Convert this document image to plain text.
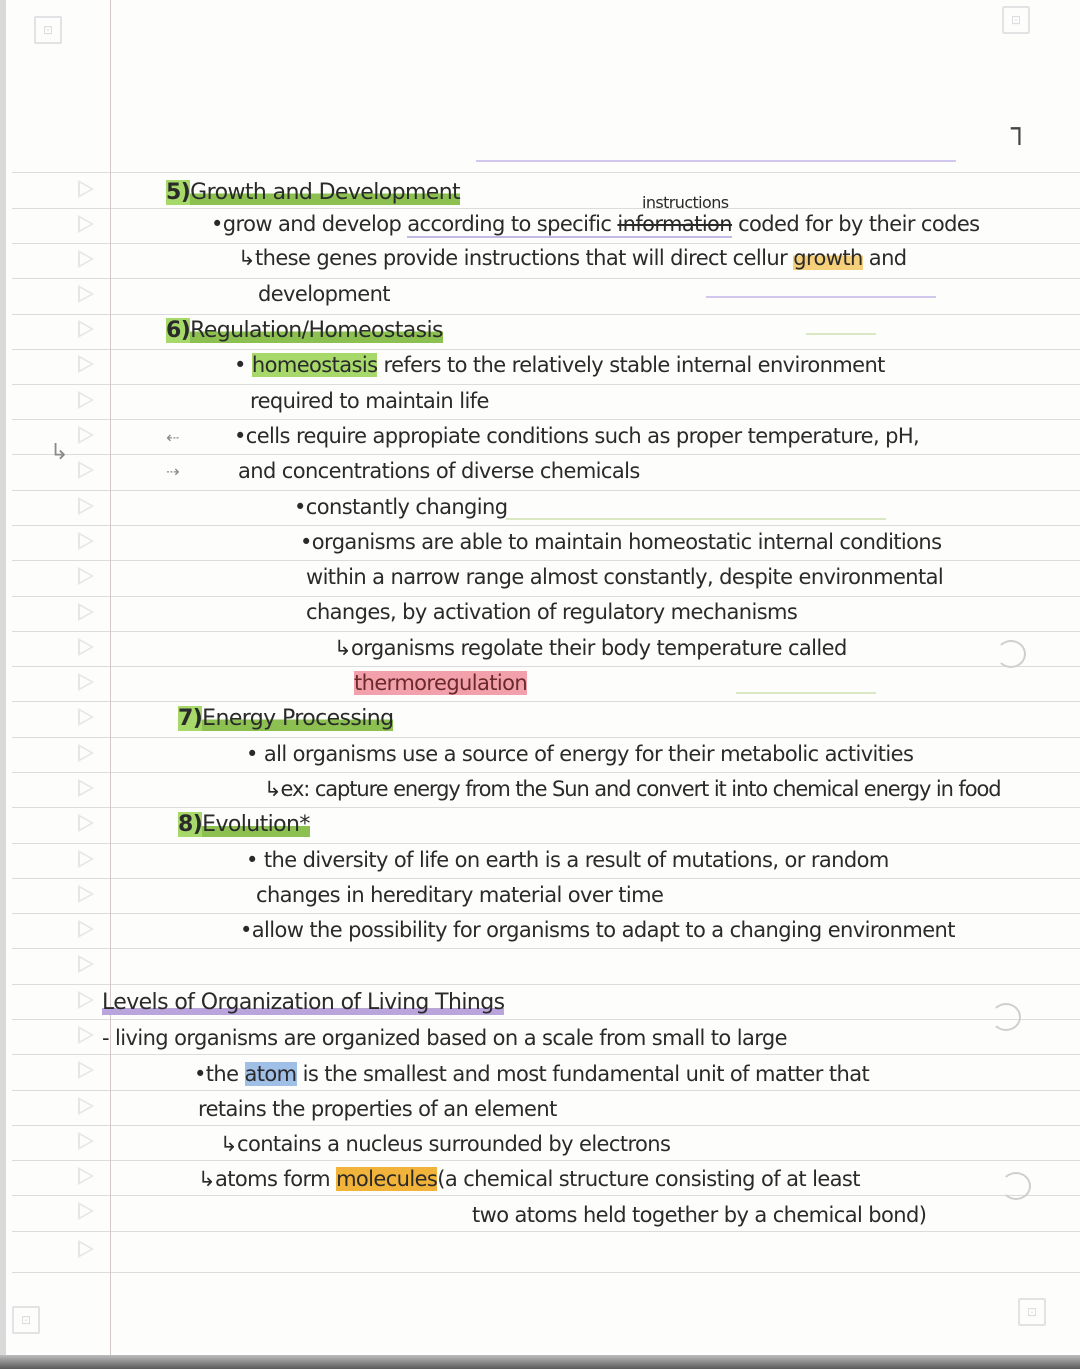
⊡
⊡
⊡
⊡
┐
⇠
⇢
↳
5)Growth and Development	instructions
•grow and develop according to specific information coded for by their codes
↳these genes provide instructions that will direct cellur growth and
development
6)Regulation/Homeostasis
• homeostasis refers to the relatively stable internal environment
required to maintain life
•cells require appropiate conditions such as proper temperature, pH,
and concentrations of diverse chemicals
•constantly changing
•organisms are able to maintain homeostatic internal conditions
within a narrow range almost constantly, despite environmental
changes, by activation of regulatory mechanisms
↳organisms regolate their body temperature called
thermoregulation
7)Energy Processing
• all organisms use a source of energy for their metabolic activities
↳ex: capture energy from the Sun and convert it into chemical energy in food
8)Evolution*
• the diversity of life on earth is a result of mutations, or random
changes in hereditary material over time
•allow the possibility for organisms to adapt to a changing environment
Levels of Organization of Living Things
- living organisms are organized based on a scale from small to large
•the atom is the smallest and most fundamental unit of matter that
retains the properties of an element
↳contains a nucleus surrounded by electrons
↳atoms form molecules(a chemical structure consisting of at least
two atoms held together by a chemical bond)
